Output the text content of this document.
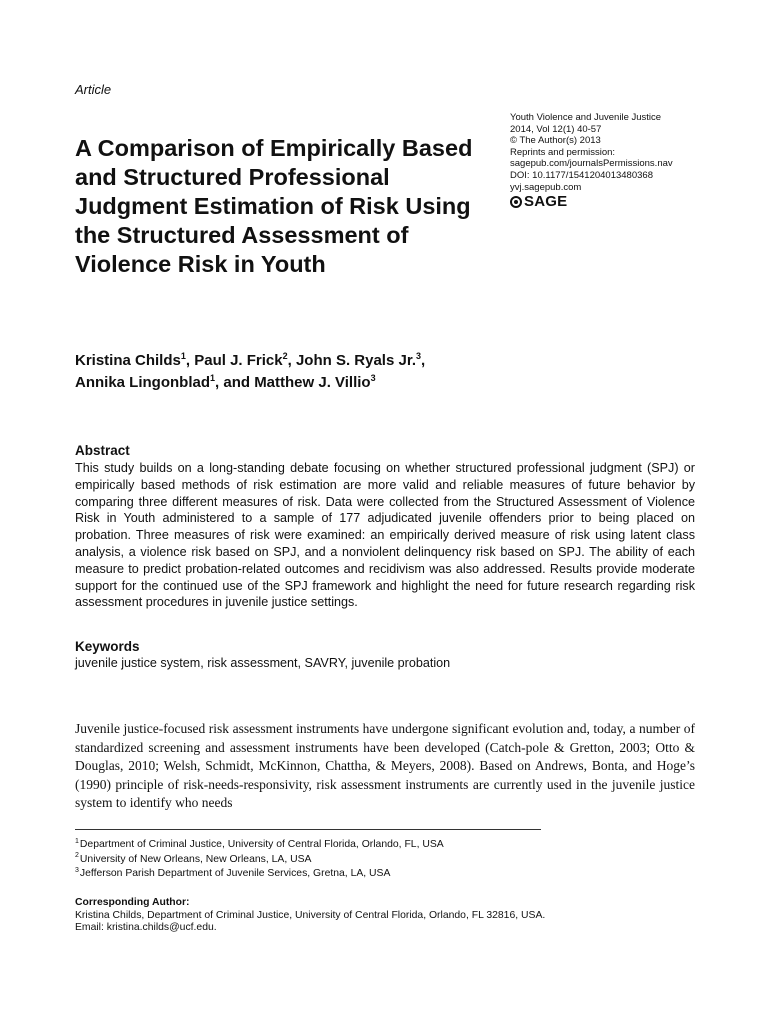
Article
A Comparison of Empirically Based and Structured Professional Judgment Estimation of Risk Using the Structured Assessment of Violence Risk in Youth
Youth Violence and Juvenile Justice
2014, Vol 12(1) 40-57
© The Author(s) 2013
Reprints and permission:
sagepub.com/journalsPermissions.nav
DOI: 10.1177/1541204013480368
yvj.sagepub.com
SAGE
Kristina Childs$^1$, Paul J. Frick$^2$, John S. Ryals Jr.$^3$,
Annika Lingonblad$^1$, and Matthew J. Villio$^3$
Abstract

This study builds on a long-standing debate focusing on whether structured professional judgment (SPJ) or empirically based methods of risk estimation are more valid and reliable measures of future behavior by comparing three different measures of risk. Data were collected from the Structured Assessment of Violence Risk in Youth administered to a sample of 177 adjudicated juvenile offenders prior to being placed on probation. Three measures of risk were examined: an empirically derived measure of risk using latent class analysis, a violence risk based on SPJ, and a nonviolent delinquency risk based on SPJ. The ability of each measure to predict probation-related outcomes and recidivism was also addressed. Results provide moderate support for the continued use of the SPJ framework and highlight the need for future research regarding risk assessment procedures in juvenile justice settings.

Keywords
juvenile justice system, risk assessment, SAVRY, juvenile probation

Juvenile justice-focused risk assessment instruments have undergone significant evolution and, today, a number of standardized screening and assessment instruments have been developed (Catch-pole & Gretton, 2003; Otto & Douglas, 2010; Welsh, Schmidt, McKinnon, Chattha, & Meyers, 2008). Based on Andrews, Bonta, and Hoge’s (1990) principle of risk-needs-responsivity, risk assessment instruments are currently used in the juvenile justice system to identify who needs

$^1$Department of Criminal Justice, University of Central Florida, Orlando, FL, USA
$^2$University of New Orleans, New Orleans, LA, USA
$^3$Jefferson Parish Department of Juvenile Services, Gretna, LA, USA
Corresponding Author:
Kristina Childs, Department of Criminal Justice, University of Central Florida, Orlando, FL 32816, USA.
Email: kristina.childs@ucf.edu.
